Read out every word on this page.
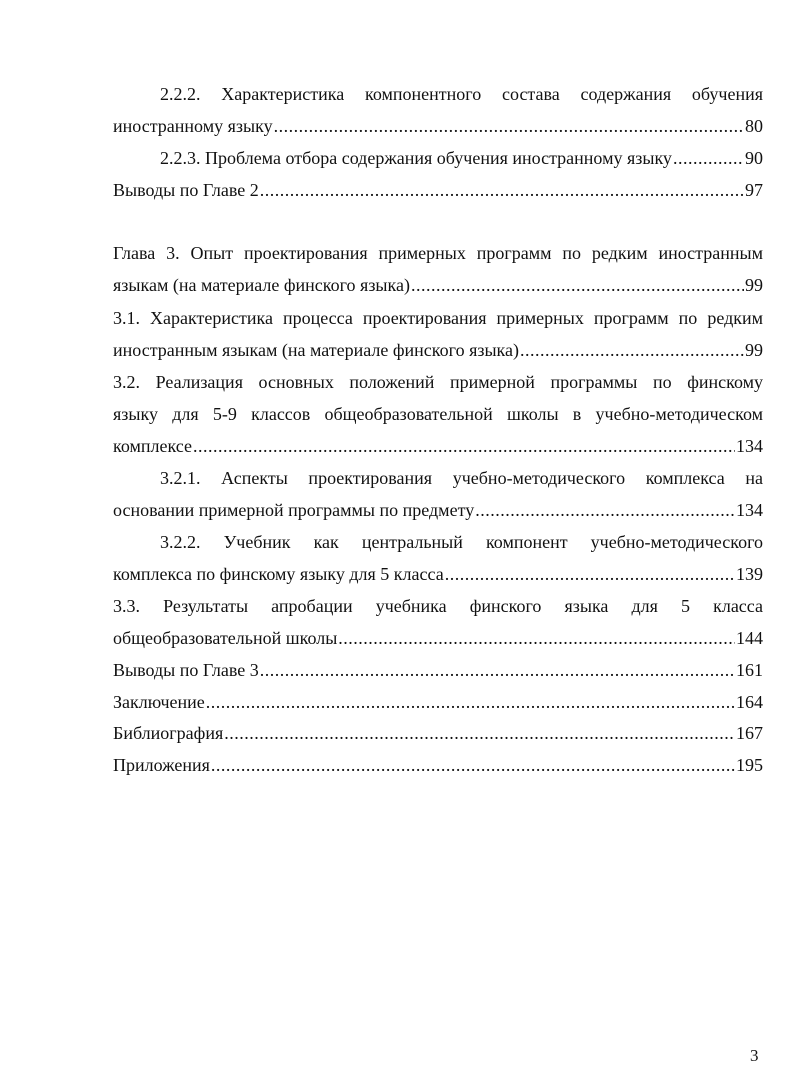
2.2.2. Характеристика компонентного состава содержания обучения
иностранному языку .....	80
2.2.3. Проблема отбора содержания обучения иностранному языку .....	90
Выводы по Главе 2 .....	97
Глава 3. Опыт проектирования примерных программ по редким иностранным
языкам (на материале финского языка) .....	99
3.1. Характеристика процесса проектирования примерных программ по редким
иностранным языкам (на материале финского языка) .....	99
3.2. Реализация основных положений примерной программы по финскому
языку для 5-9 классов общеобразовательной школы в учебно-методическом
комплексе .....	134
3.2.1. Аспекты проектирования учебно-методического комплекса на
основании примерной программы по предмету .....	134
3.2.2. Учебник как центральный компонент учебно-методического
комплекса по финскому языку для 5 класса .....	139
3.3. Результаты апробации учебника финского языка для 5 класса
общеобразовательной школы .....	144
Выводы по Главе 3 .....	161
Заключение .....	164
Библиография .....	167
Приложения .....	195
3
